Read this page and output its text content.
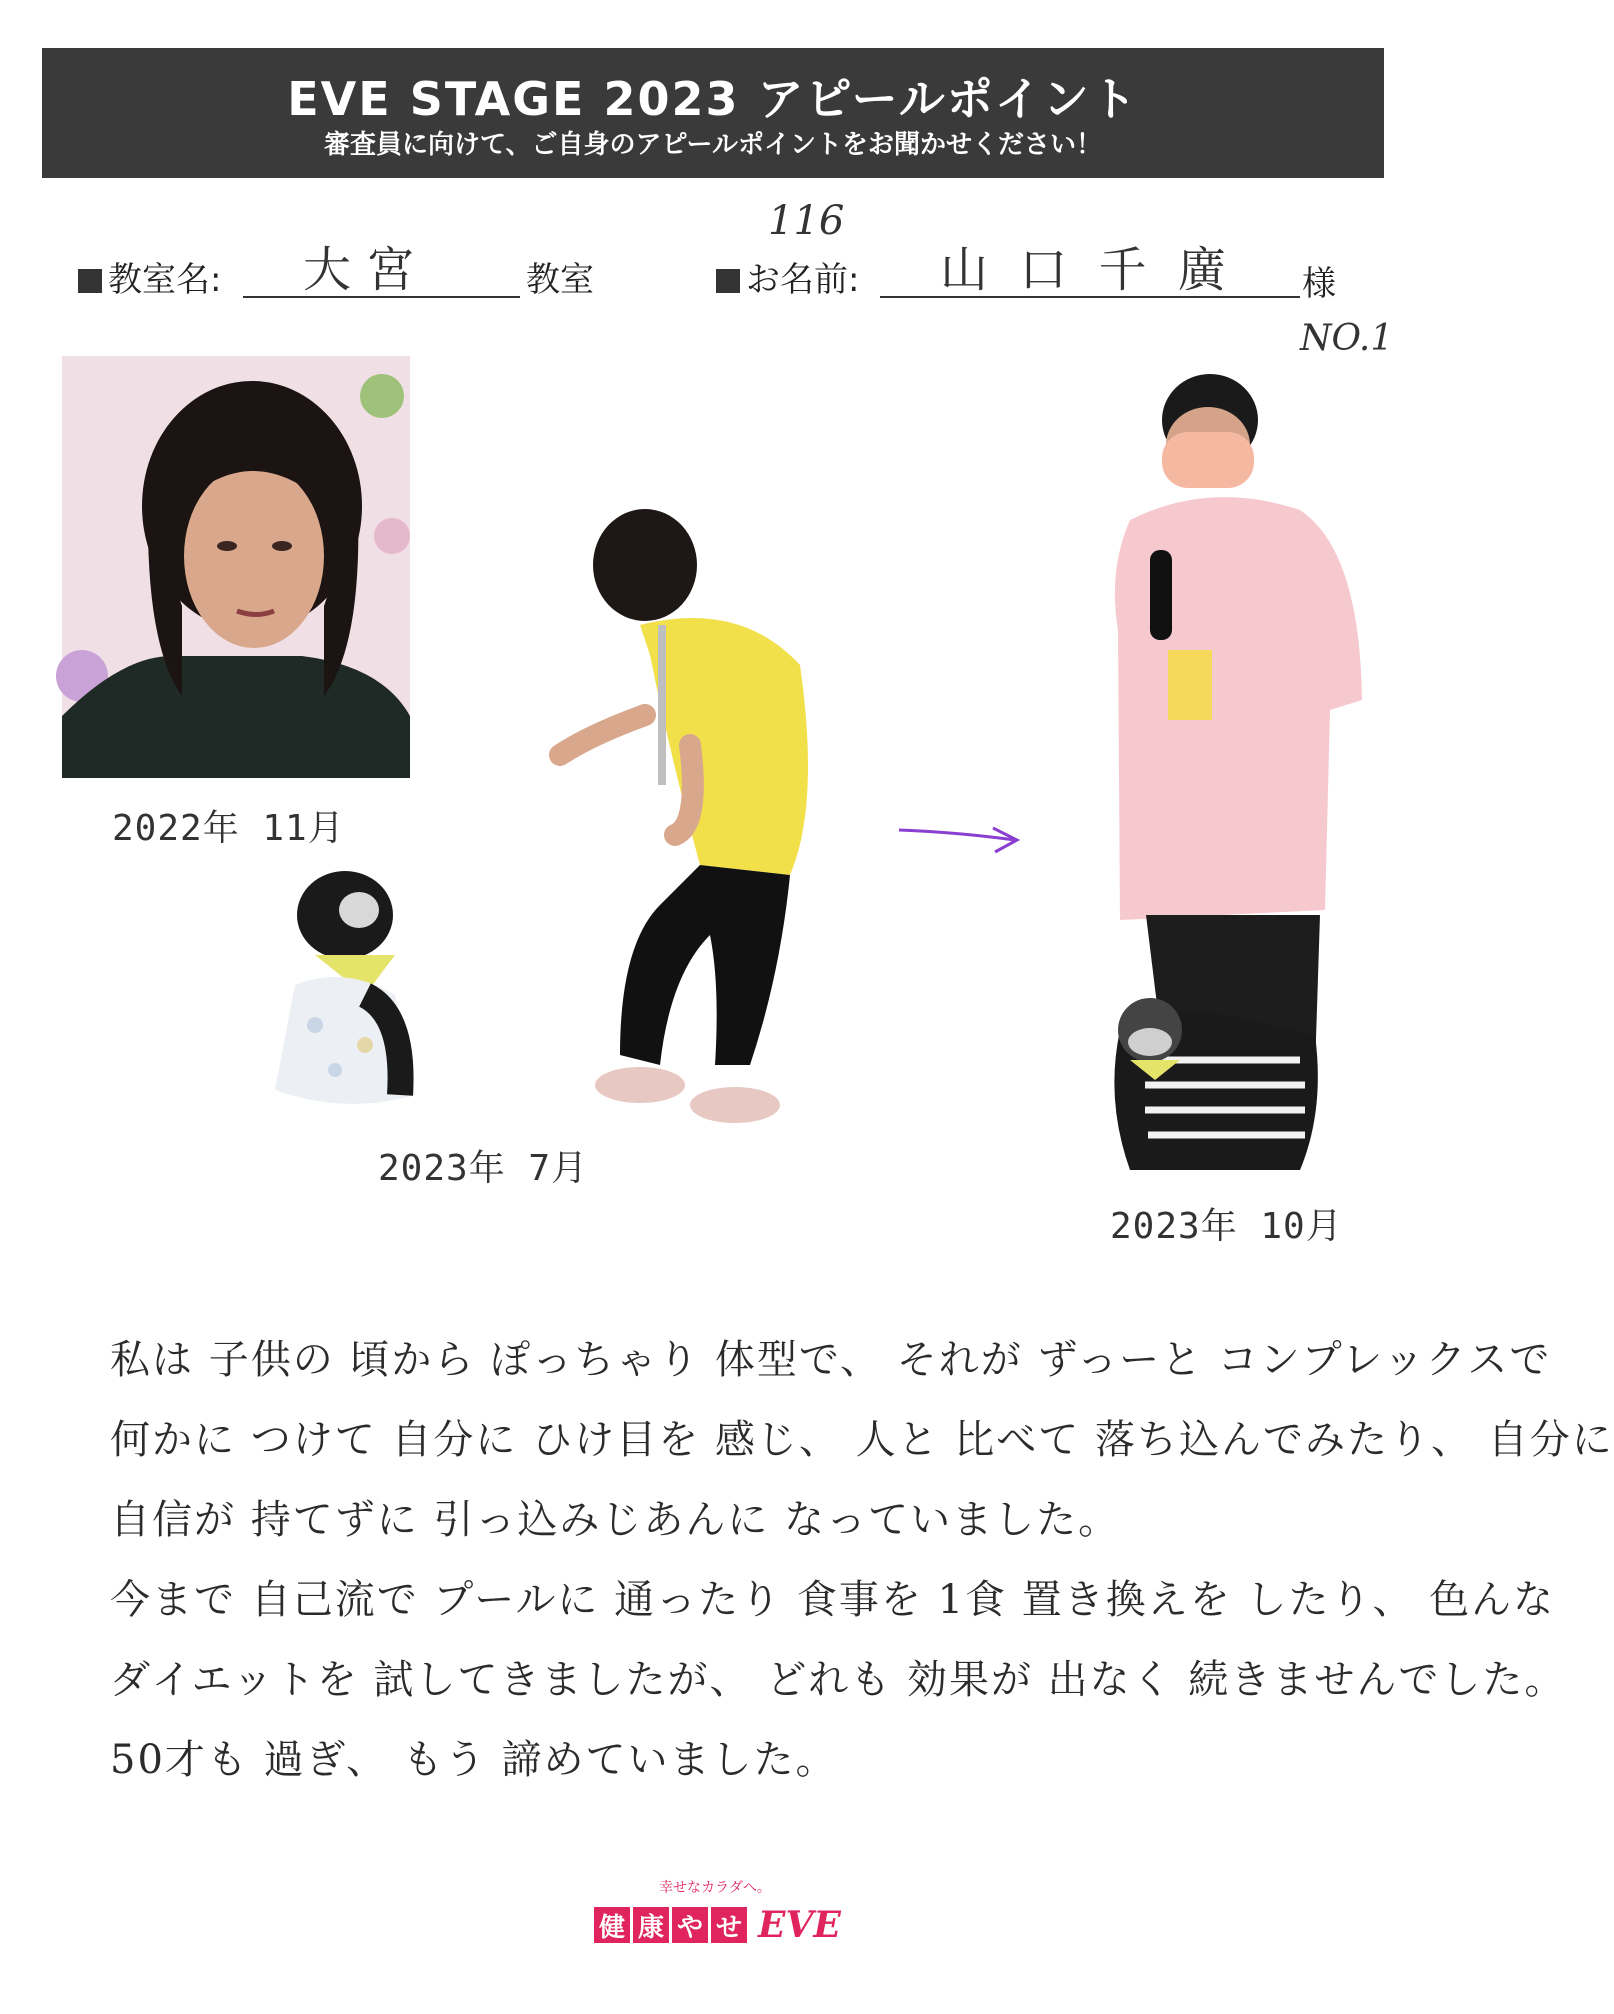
EVE STAGE 2023 アピールポイント
審査員に向けて、ご自身のアピールポイントをお聞かせください！
116
教室名:	大 宮	教室	お名前:	山 口 千 廣	様
NO.1
2022年 11月
2023年 7月
2023年 10月

私は 子供の 頃から ぽっちゃり 体型で、 それが ずっーと コンプレックスで

何かに つけて 自分に ひけ目を 感じ、 人と 比べて 落ち込んでみたり、 自分に

自信が 持てずに 引っ込みじあんに なっていました。

今まで 自己流で プールに 通ったり 食事を 1食 置き換えを したり、 色んな

ダイエットを 試してきましたが、 どれも 効果が 出なく 続きませんでした。

50才も 過ぎ、 もう 諦めていました。

幸せなカラダへ。
健 康 や せ EVE
